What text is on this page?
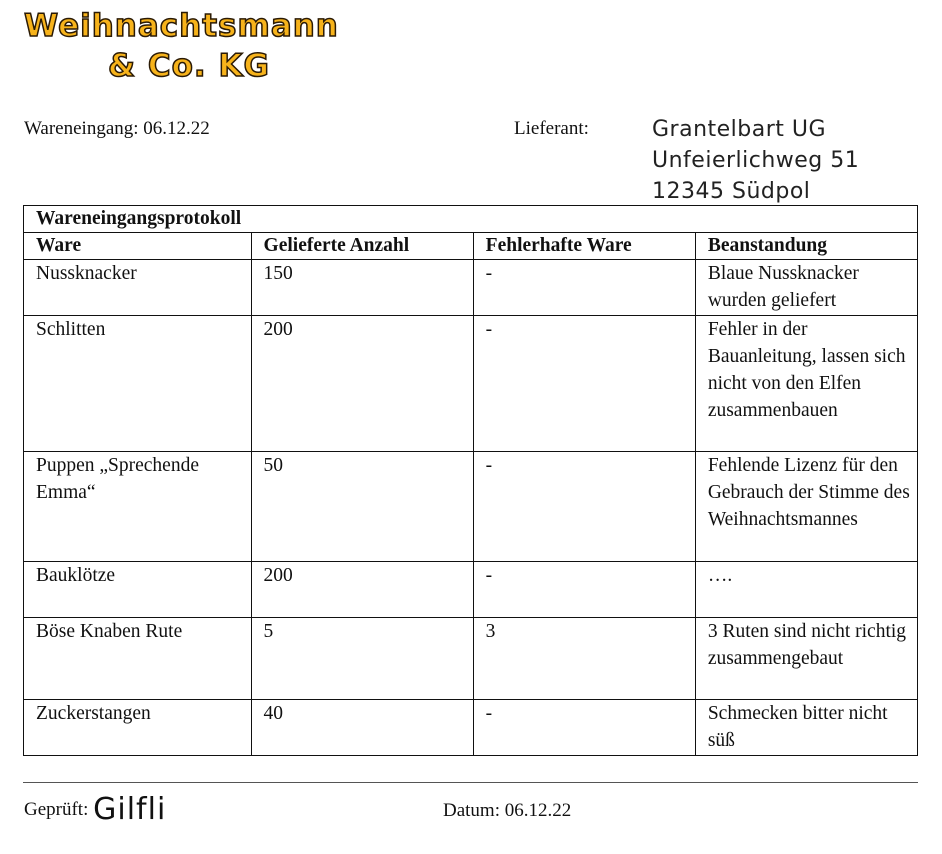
Weihnachtsmann
& Co. KG
Wareneingang: 06.12.22	Lieferant:	Grantelbart UG
Unfeierlichweg 51
12345 Südpol
Wareneingangsprotokoll			
Ware	Gelieferte Anzahl	Fehlerhafte Ware	Beanstandung
Nussknacker	150	-	Blaue Nussknacker wurden geliefert
Schlitten	200	-	Fehler in der Bauanleitung, lassen sich nicht von den Elfen zusammenbauen
Puppen „Sprechende Emma“	50	-	Fehlende Lizenz für den Gebrauch der Stimme des Weihnachtsmannes
Bauklötze	200	-	….
Böse Knaben Rute	5	3	3 Ruten sind nicht richtig zusammengebaut
Zuckerstangen	40	-	Schmecken bitter nicht süß
Geprüft: Gilfli	Datum: 06.12.22
